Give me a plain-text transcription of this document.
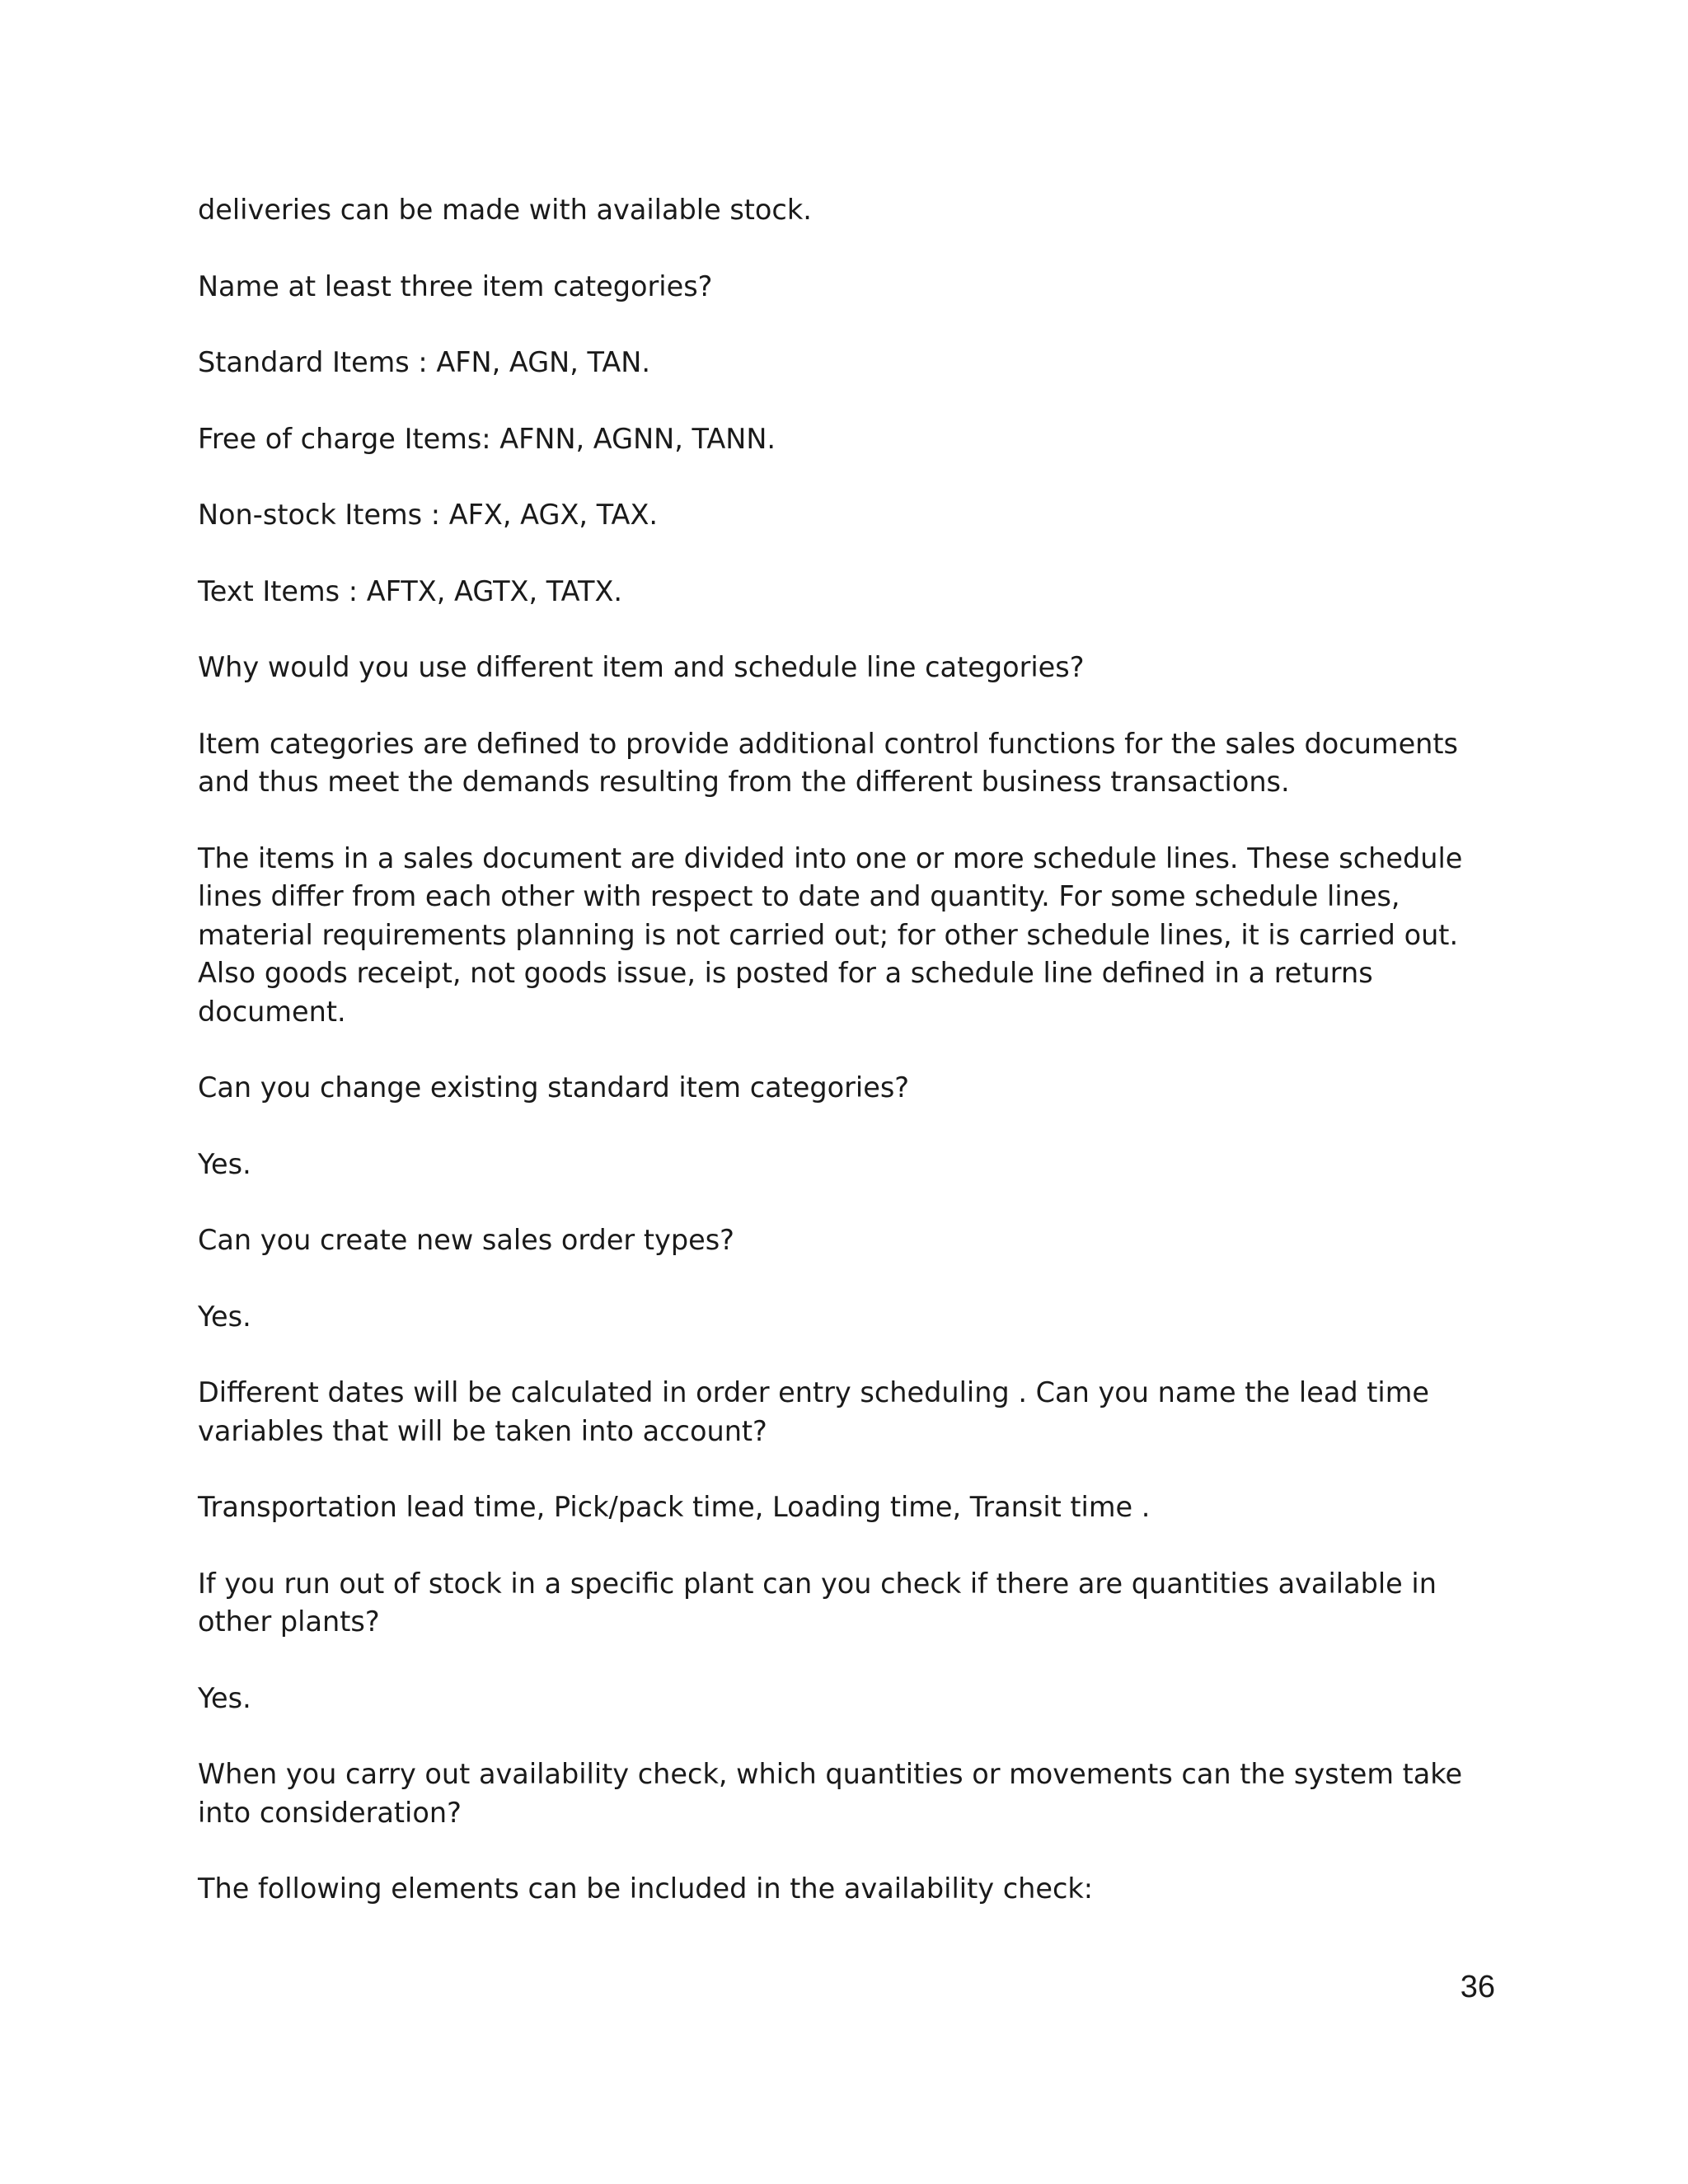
deliveries can be made with available stock.

Name at least three item categories?

Standard Items : AFN, AGN, TAN.

Free of charge Items: AFNN, AGNN, TANN.

Non-stock Items : AFX, AGX, TAX.

Text Items : AFTX, AGTX, TATX.

Why would you use different item and schedule line categories?

Item categories are defined to provide additional control functions for the sales documents
and thus meet the demands resulting from the different business transactions.

The items in a sales document are divided into one or more schedule lines. These schedule
lines differ from each other with respect to date and quantity. For some schedule lines,
material requirements planning is not carried out; for other schedule lines, it is carried out.
Also goods receipt, not goods issue, is posted for a schedule line defined in a returns
document.

Can you change existing standard item categories?

Yes.

Can you create new sales order types?

Yes.

Different dates will be calculated in order entry scheduling . Can you name the lead time
variables that will be taken into account?

Transportation lead time, Pick/pack time, Loading time, Transit time .

If you run out of stock in a specific plant can you check if there are quantities available in
other plants?

Yes.

When you carry out availability check, which quantities or movements can the system take
into consideration?

The following elements can be included in the availability check:

36
